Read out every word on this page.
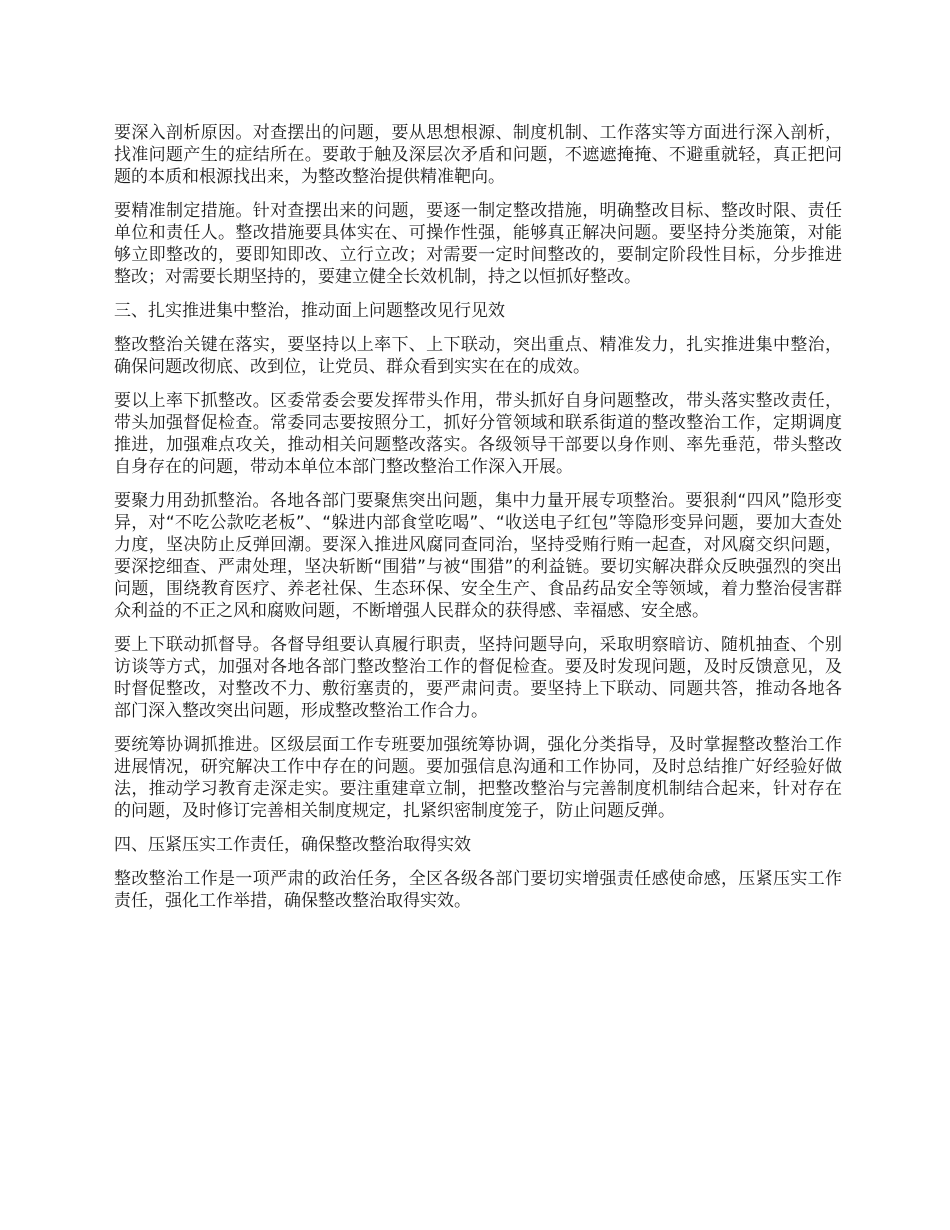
要深入剖析原因。对查摆出的问题，要从思想根源、制度机制、工作落实等方面进行深入剖析，找准问题产生的症结所在。要敢于触及深层次矛盾和问题，不遮遮掩掩、不避重就轻，真正把问题的本质和根源找出来，为整改整治提供精准靶向。

要精准制定措施。针对查摆出来的问题，要逐一制定整改措施，明确整改目标、整改时限、责任单位和责任人。整改措施要具体实在、可操作性强，能够真正解决问题。要坚持分类施策，对能够立即整改的，要即知即改、立行立改；对需要一定时间整改的，要制定阶段性目标，分步推进整改；对需要长期坚持的，要建立健全长效机制，持之以恒抓好整改。

三、扎实推进集中整治，推动面上问题整改见行见效

整改整治关键在落实，要坚持以上率下、上下联动，突出重点、精准发力，扎实推进集中整治，确保问题改彻底、改到位，让党员、群众看到实实在在的成效。

要以上率下抓整改。区委常委会要发挥带头作用，带头抓好自身问题整改，带头落实整改责任，带头加强督促检查。常委同志要按照分工，抓好分管领域和联系街道的整改整治工作，定期调度推进，加强难点攻关，推动相关问题整改落实。各级领导干部要以身作则、率先垂范，带头整改自身存在的问题，带动本单位本部门整改整治工作深入开展。

要聚力用劲抓整治。各地各部门要聚焦突出问题，集中力量开展专项整治。要狠刹“四风”隐形变异，对“不吃公款吃老板”、“躲进内部食堂吃喝”、“收送电子红包”等隐形变异问题，要加大查处力度，坚决防止反弹回潮。要深入推进风腐同查同治，坚持受贿行贿一起查，对风腐交织问题，要深挖细查、严肃处理，坚决斩断“围猎”与被“围猎”的利益链。要切实解决群众反映强烈的突出问题，围绕教育医疗、养老社保、生态环保、安全生产、食品药品安全等领域，着力整治侵害群众利益的不正之风和腐败问题，不断增强人民群众的获得感、幸福感、安全感。

要上下联动抓督导。各督导组要认真履行职责，坚持问题导向，采取明察暗访、随机抽查、个别访谈等方式，加强对各地各部门整改整治工作的督促检查。要及时发现问题，及时反馈意见，及时督促整改，对整改不力、敷衍塞责的，要严肃问责。要坚持上下联动、同题共答，推动各地各部门深入整改突出问题，形成整改整治工作合力。

要统筹协调抓推进。区级层面工作专班要加强统筹协调，强化分类指导，及时掌握整改整治工作进展情况，研究解决工作中存在的问题。要加强信息沟通和工作协同，及时总结推广好经验好做法，推动学习教育走深走实。要注重建章立制，把整改整治与完善制度机制结合起来，针对存在的问题，及时修订完善相关制度规定，扎紧织密制度笼子，防止问题反弹。

四、压紧压实工作责任，确保整改整治取得实效

整改整治工作是一项严肃的政治任务，全区各级各部门要切实增强责任感使命感，压紧压实工作责任，强化工作举措，确保整改整治取得实效。
